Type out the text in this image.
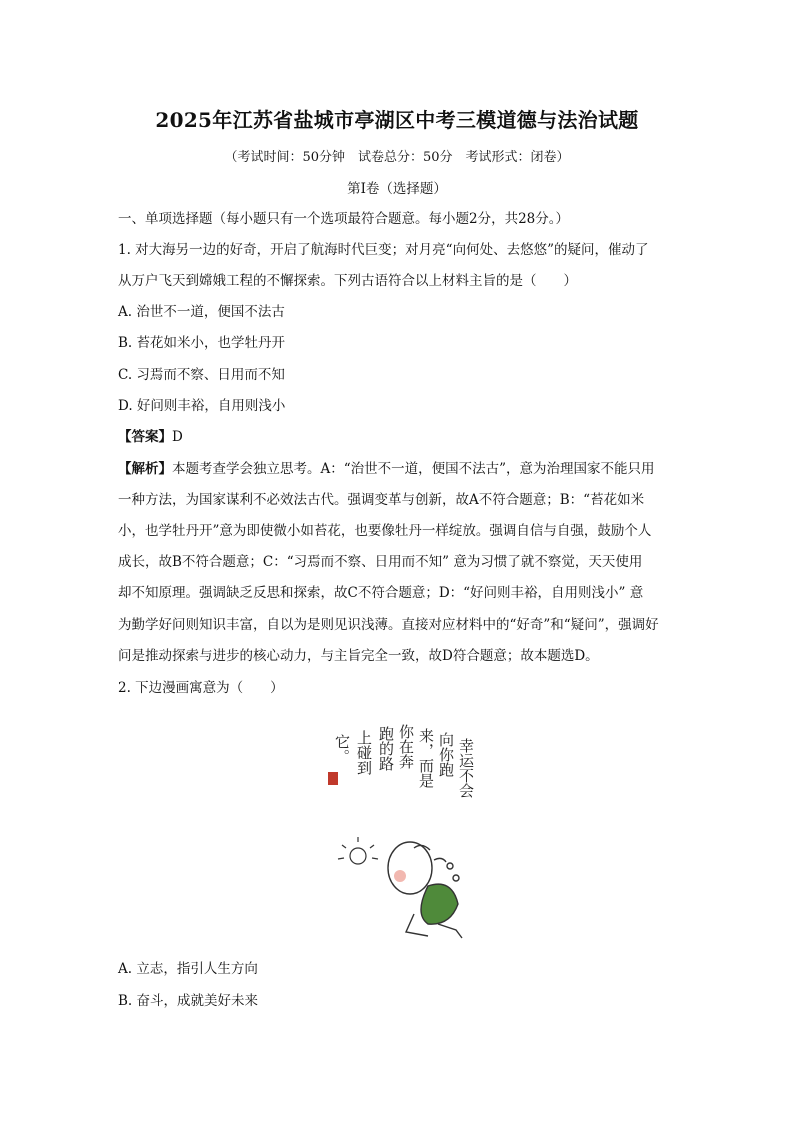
2025年江苏省盐城市亭湖区中考三模道德与法治试题
（考试时间：50分钟　试卷总分：50分　考试形式：闭卷）
第Ⅰ卷（选择题）
一、单项选择题（每小题只有一个选项最符合题意。每小题2分，共28分。）
1. 对大海另一边的好奇，开启了航海时代巨变；对月亮“向何处、去悠悠”的疑问，催动了
从万户飞天到嫦娥工程的不懈探索。下列古语符合以上材料主旨的是（　　）
A. 治世不一道，便国不法古
B. 苔花如米小，也学牡丹开
C. 习焉而不察、日用而不知
D. 好问则丰裕，自用则浅小
【答案】D
【解析】本题考查学会独立思考。A：“治世不一道，便国不法古”，意为治理国家不能只用
一种方法，为国家谋利不必效法古代。强调变革与创新，故A不符合题意；B：“苔花如米
小，也学牡丹开”意为即使微小如苔花，也要像牡丹一样绽放。强调自信与自强，鼓励个人
成长，故B不符合题意；C：“习焉而不察、日用而不知” 意为习惯了就不察觉，天天使用
却不知原理。强调缺乏反思和探索，故C不符合题意；D：“好问则丰裕，自用则浅小” 意
为勤学好问则知识丰富，自以为是则见识浅薄。直接对应材料中的“好奇”和“疑问”，强调好
问是推动探索与进步的核心动力，与主旨完全一致，故D符合题意；故本题选D。
2. 下边漫画寓意为（　　）
幸运不会
向你跑
来，而是
你在奔
跑的路
上碰到
它。
A. 立志，指引人生方向
B. 奋斗，成就美好未来
